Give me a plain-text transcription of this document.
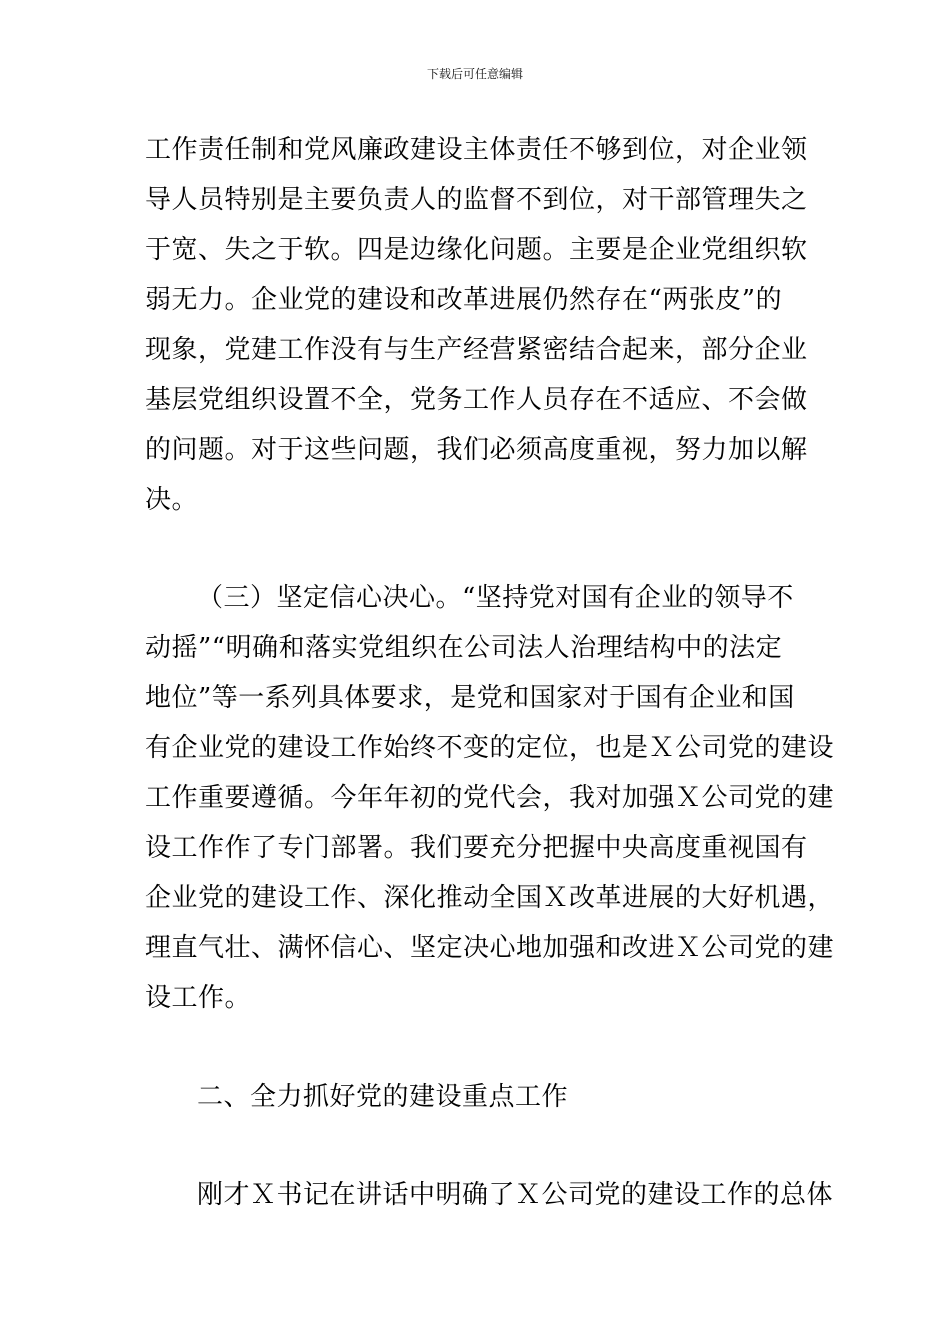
下载后可任意编辑
工作责任制和党风廉政建设主体责任不够到位，对企业领
导人员特别是主要负责人的监督不到位，对干部管理失之
于宽、失之于软。四是边缘化问题。主要是企业党组织软
弱无力。企业党的建设和改革进展仍然存在“两张皮”的
现象，党建工作没有与生产经营紧密结合起来，部分企业
基层党组织设置不全，党务工作人员存在不适应、不会做
的问题。对于这些问题，我们必须高度重视，努力加以解
决。
（三）坚定信心决心。“坚持党对国有企业的领导不
动摇”“明确和落实党组织在公司法人治理结构中的法定
地位”等一系列具体要求，是党和国家对于国有企业和国
有企业党的建设工作始终不变的定位，也是Ｘ公司党的建设
工作重要遵循。今年年初的党代会，我对加强Ｘ公司党的建
设工作作了专门部署。我们要充分把握中央高度重视国有
企业党的建设工作、深化推动全国Ｘ改革进展的大好机遇，
理直气壮、满怀信心、坚定决心地加强和改进Ｘ公司党的建
设工作。
二、全力抓好党的建设重点工作
刚才Ｘ书记在讲话中明确了Ｘ公司党的建设工作的总体
